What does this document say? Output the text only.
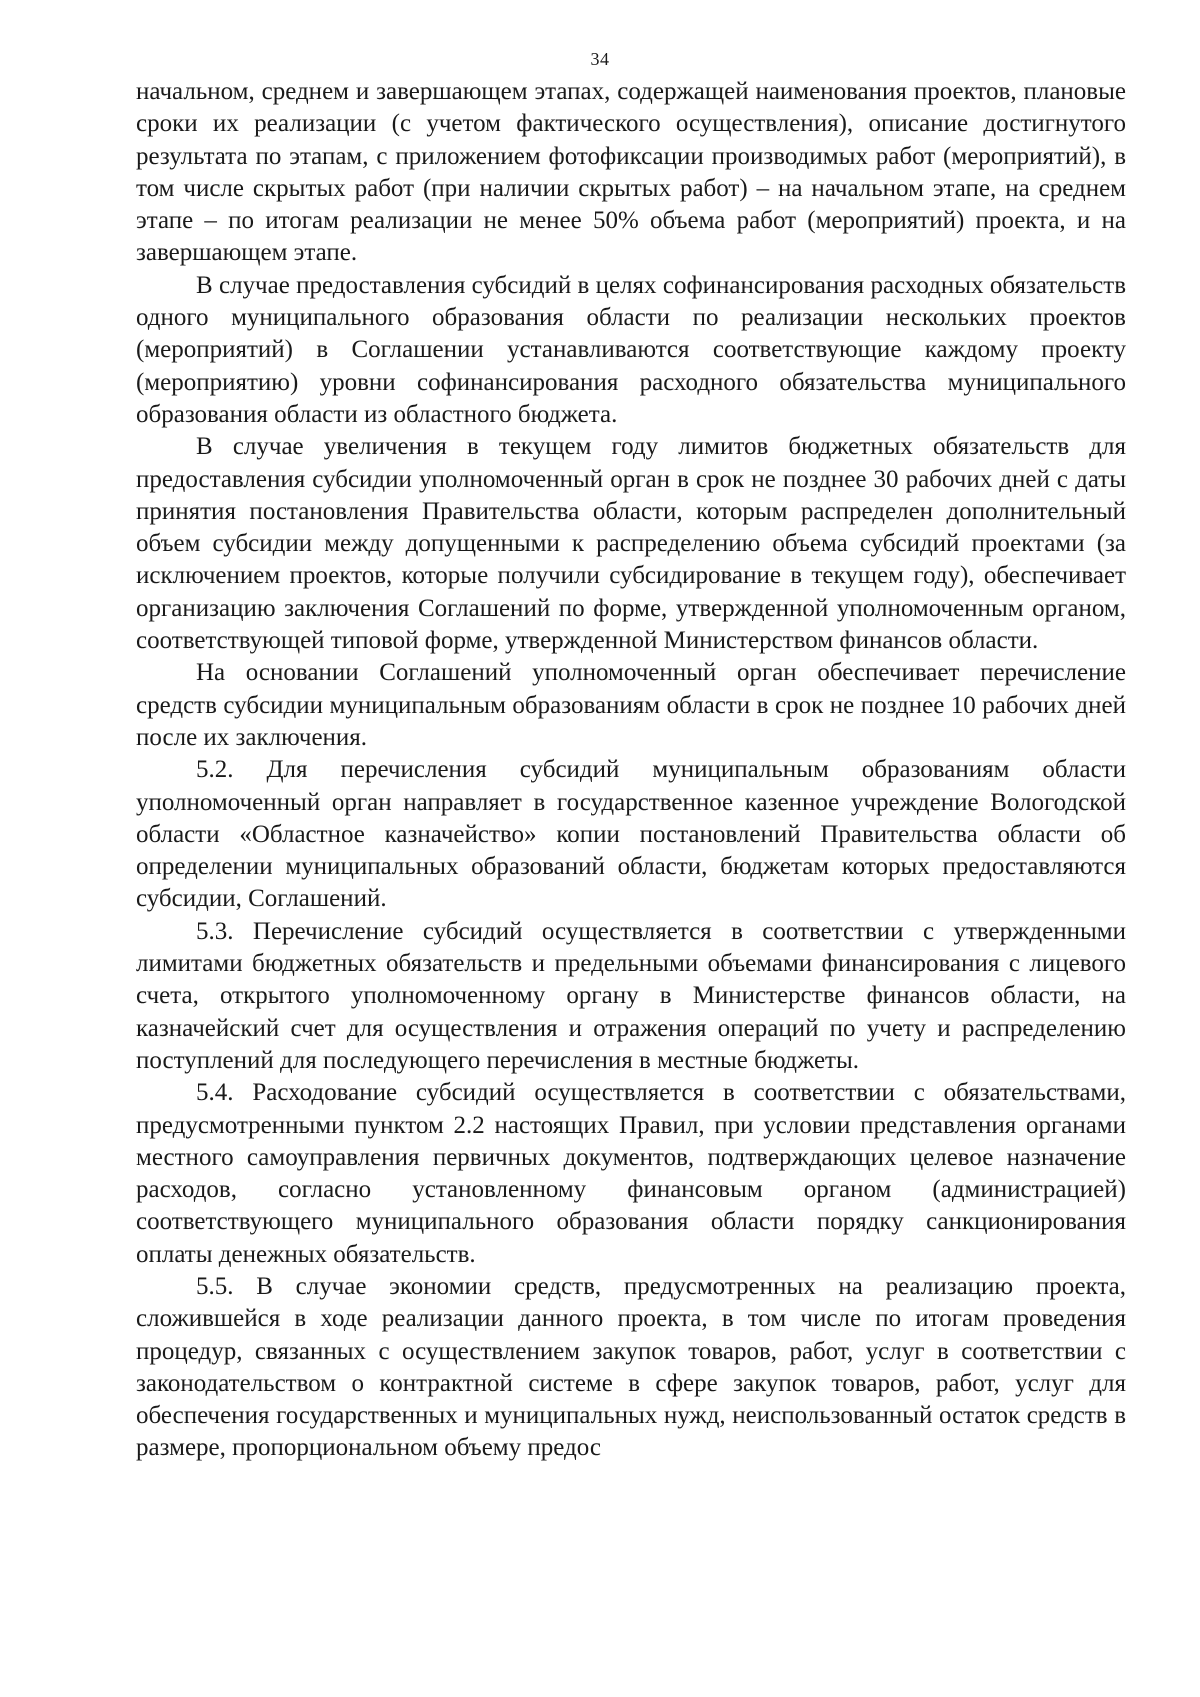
34

начальном, среднем и завершающем этапах, содержащей наименования проектов, плановые сроки их реализации (с учетом фактического осуществления), описание достигнутого результата по этапам, с приложением фотофиксации производимых работ (мероприятий), в том числе скрытых работ (при наличии скрытых работ) – на начальном этапе, на среднем этапе – по итогам реализации не менее 50% объема работ (мероприятий) проекта, и на завершающем этапе.

В случае предоставления субсидий в целях софинансирования расходных обязательств одного муниципального образования области по реализации нескольких проектов (мероприятий) в Соглашении устанавливаются соответствующие каждому проекту (мероприятию) уровни софинансирования расходного обязательства муниципального образования области из областного бюджета.

В случае увеличения в текущем году лимитов бюджетных обязательств для предоставления субсидии уполномоченный орган в срок не позднее 30 рабочих дней с даты принятия постановления Правительства области, которым распределен дополнительный объем субсидии между допущенными к распределению объема субсидий проектами (за исключением проектов, которые получили субсидирование в текущем году), обеспечивает организацию заключения Соглашений по форме, утвержденной уполномоченным органом, соответствующей типовой форме, утвержденной Министерством финансов области.

На основании Соглашений уполномоченный орган обеспечивает перечисление средств субсидии муниципальным образованиям области в срок не позднее 10 рабочих дней после их заключения.

5.2. Для перечисления субсидий муниципальным образованиям области уполномоченный орган направляет в государственное казенное учреждение Вологодской области «Областное казначейство» копии постановлений Правительства области об определении муниципальных образований области, бюджетам которых предоставляются субсидии, Соглашений.

5.3. Перечисление субсидий осуществляется в соответствии с утвержденными лимитами бюджетных обязательств и предельными объемами финансирования с лицевого счета, открытого уполномоченному органу в Министерстве финансов области, на казначейский счет для осуществления и отражения операций по учету и распределению поступлений для последующего перечисления в местные бюджеты.

5.4. Расходование субсидий осуществляется в соответствии с обязательствами, предусмотренными пунктом 2.2 настоящих Правил, при условии представления органами местного самоуправления первичных документов, подтверждающих целевое назначение расходов, согласно установленному финансовым органом (администрацией) соответствующего муниципального образования области порядку санкционирования оплаты денежных обязательств.

5.5. В случае экономии средств, предусмотренных на реализацию проекта, сложившейся в ходе реализации данного проекта, в том числе по итогам проведения процедур, связанных с осуществлением закупок товаров, работ, услуг в соответствии с законодательством о контрактной системе в сфере закупок товаров, работ, услуг для обеспечения государственных и муниципальных нужд, неиспользованный остаток средств в размере, пропорциональном объему предос
